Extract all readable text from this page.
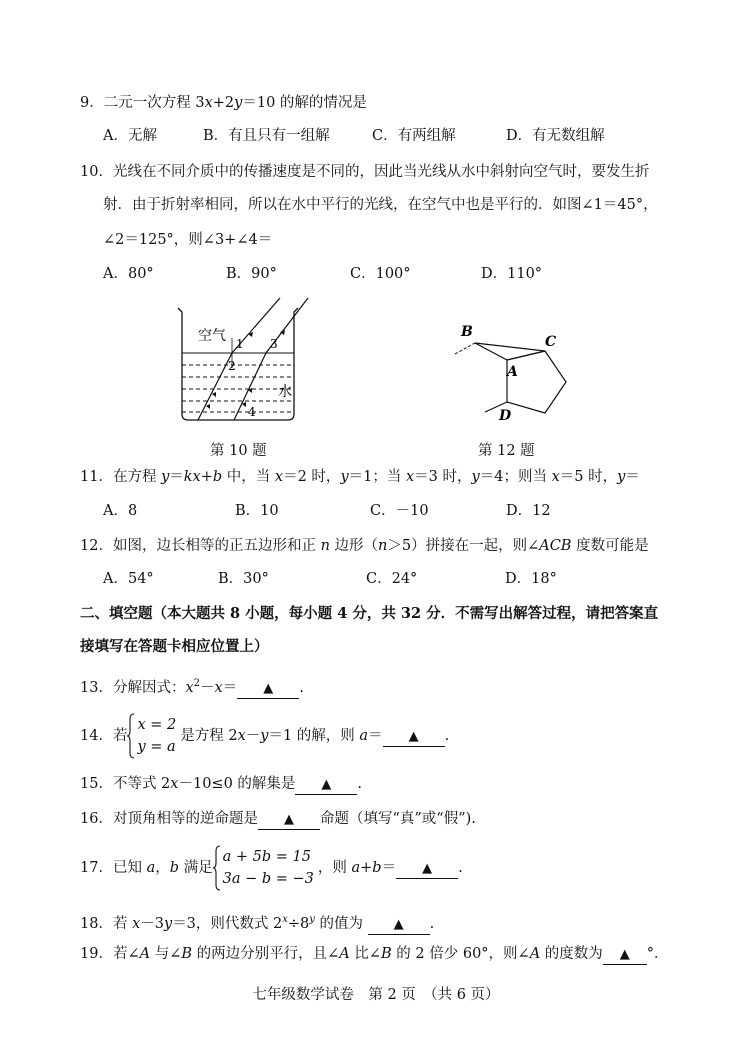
9．二元一次方程 3x+2y＝10 的解的情况是
A．无解	B．有且只有一组解	C．有两组解	D．有无数组解
10．光线在不同介质中的传播速度是不同的，因此当光线从水中斜射向空气时，要发生折
射．由于折射率相同，所以在水中平行的光线，在空气中也是平行的．如图∠1＝45°，
∠2＝125°，则∠3+∠4＝
A．80°	B．90°	C．100°	D．110°
空气
水
1
2
3
4
第 10 题
B
C
A
D
第 12 题
11．在方程 y＝kx+b 中，当 x＝2 时，y＝1；当 x＝3 时，y＝4；则当 x＝5 时，y＝
A．8	B．10	C．－10	D．12
12．如图，边长相等的正五边形和正 n 边形（n＞5）拼接在一起，则∠ACB 度数可能是
A．54°	B．30°	C．24°	D．18°
二、填空题（本大题共 8 小题，每小题 4 分，共 32 分．不需写出解答过程，请把答案直
接填写在答题卡相应位置上）
13．分解因式：$x^2-x=$ ▲ .
14．若
x = 2
y = a
是方程 2x－y＝1 的解，则 a＝ ▲ .
15．不等式 2x－10≤0 的解集是 ▲ .
16．对顶角相等的逆命题是 ▲ 命题（填写“真”或“假”).
17．已知 a，b 满足
a + 5b = 15
3a − b = −3
，则 a+b＝ ▲ .
18．若 x－3y＝3，则代数式 $2^x\div 8^y$ 的值为 ▲ .
19．若∠A 与∠B 的两边分别平行，且∠A 比∠B 的 2 倍少 60°，则∠A 的度数为 ▲ °．
七年级数学试卷　第 2 页　（共 6 页）
